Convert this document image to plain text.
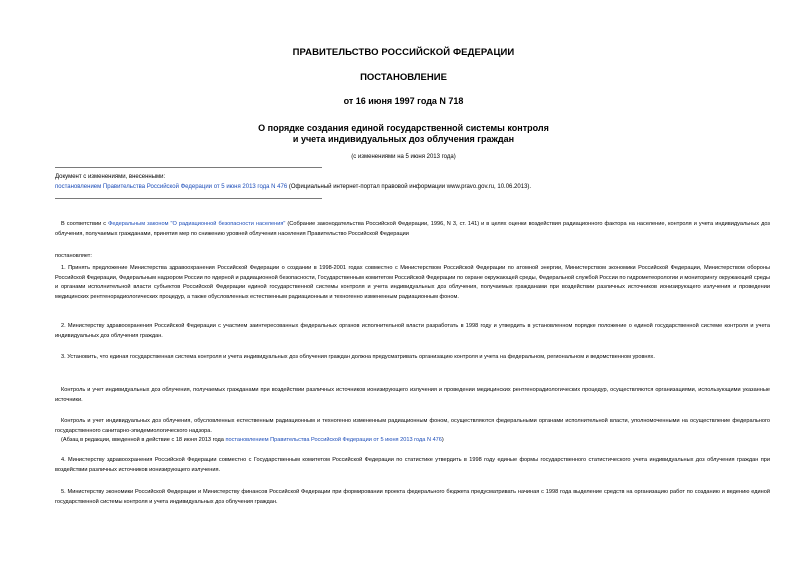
ПРАВИТЕЛЬСТВО РОССИЙСКОЙ ФЕДЕРАЦИИ
ПОСТАНОВЛЕНИЕ
от 16 июня 1997 года N 718
О порядке создания единой государственной системы контроля
и учета индивидуальных доз облучения граждан
(с изменениями на 5 июня 2013 года)
Документ с изменениями, внесенными:
постановлением Правительства Российской Федерации от 5 июня 2013 года N 476 (Официальный интернет-портал правовой информации www.pravo.gov.ru, 10.06.2013).
В соответствии с Федеральным законом "О радиационной безопасности населения" (Собрание законодательства Российской Федерации, 1996, N 3, ст. 141) и в целях оценки воздействия радиационного фактора на население, контроля и учета индивидуальных доз облучения, получаемых гражданами, принятия мер по снижению уровней облучения населения Правительство Российской Федерации
постановляет:
1. Принять предложение Министерства здравоохранения Российской Федерации о создании в 1998-2001 годах совместно с Министерством Российской Федерации по атомной энергии, Министерством экономики Российской Федерации, Министерством обороны Российской Федерации, Федеральным надзором России по ядерной и радиационной безопасности, Государственным комитетом Российской Федерации по охране окружающей среды, Федеральной службой России по гидрометеорологии и мониторингу окружающей среды и органами исполнительной власти субъектов Российской Федерации единой государственной системы контроля и учета индивидуальных доз облучения, получаемых гражданами при воздействии различных источников ионизирующего излучения и проведении медицинских рентгенорадиологических процедур, а также обусловленных естественным радиационным и техногенно измененным радиационным фоном.
2. Министерству здравоохранения Российской Федерации с участием заинтересованных федеральных органов исполнительной власти разработать в 1998 году и утвердить в установленном порядке положение о единой государственной системе контроля и учета индивидуальных доз облучения граждан.
3. Установить, что единая государственная система контроля и учета индивидуальных доз облучения граждан должна предусматривать организацию контроля и учета на федеральном, региональном и ведомственном уровнях.
Контроль и учет индивидуальных доз облучения, получаемых гражданами при воздействии различных источников ионизирующего излучения и проведении медицинских рентгенорадиологических процедур, осуществляются организациями, использующими указанные источники.
Контроль и учет индивидуальных доз облучения, обусловленных естественным радиационным и техногенно измененным радиационным фоном, осуществляются федеральными органами исполнительной власти, уполномоченными на осуществление федерального государственного санитарно-эпидемиологического надзора.
(Абзац в редакции, введенной в действие с 18 июня 2013 года постановлением Правительства Российской Федерации от 5 июня 2013 года N 476)
4. Министерству здравоохранения Российской Федерации совместно с Государственным комитетом Российской Федерации по статистике утвердить в 1998 году единые формы государственного статистического учета индивидуальных доз облучения граждан при воздействии различных источников ионизирующего излучения.
5. Министерству экономики Российской Федерации и Министерству финансов Российской Федерации при формировании проекта федерального бюджета предусматривать начиная с 1998 года выделение средств на организацию работ по созданию и ведению единой государственной системы контроля и учета индивидуальных доз облучения граждан.
